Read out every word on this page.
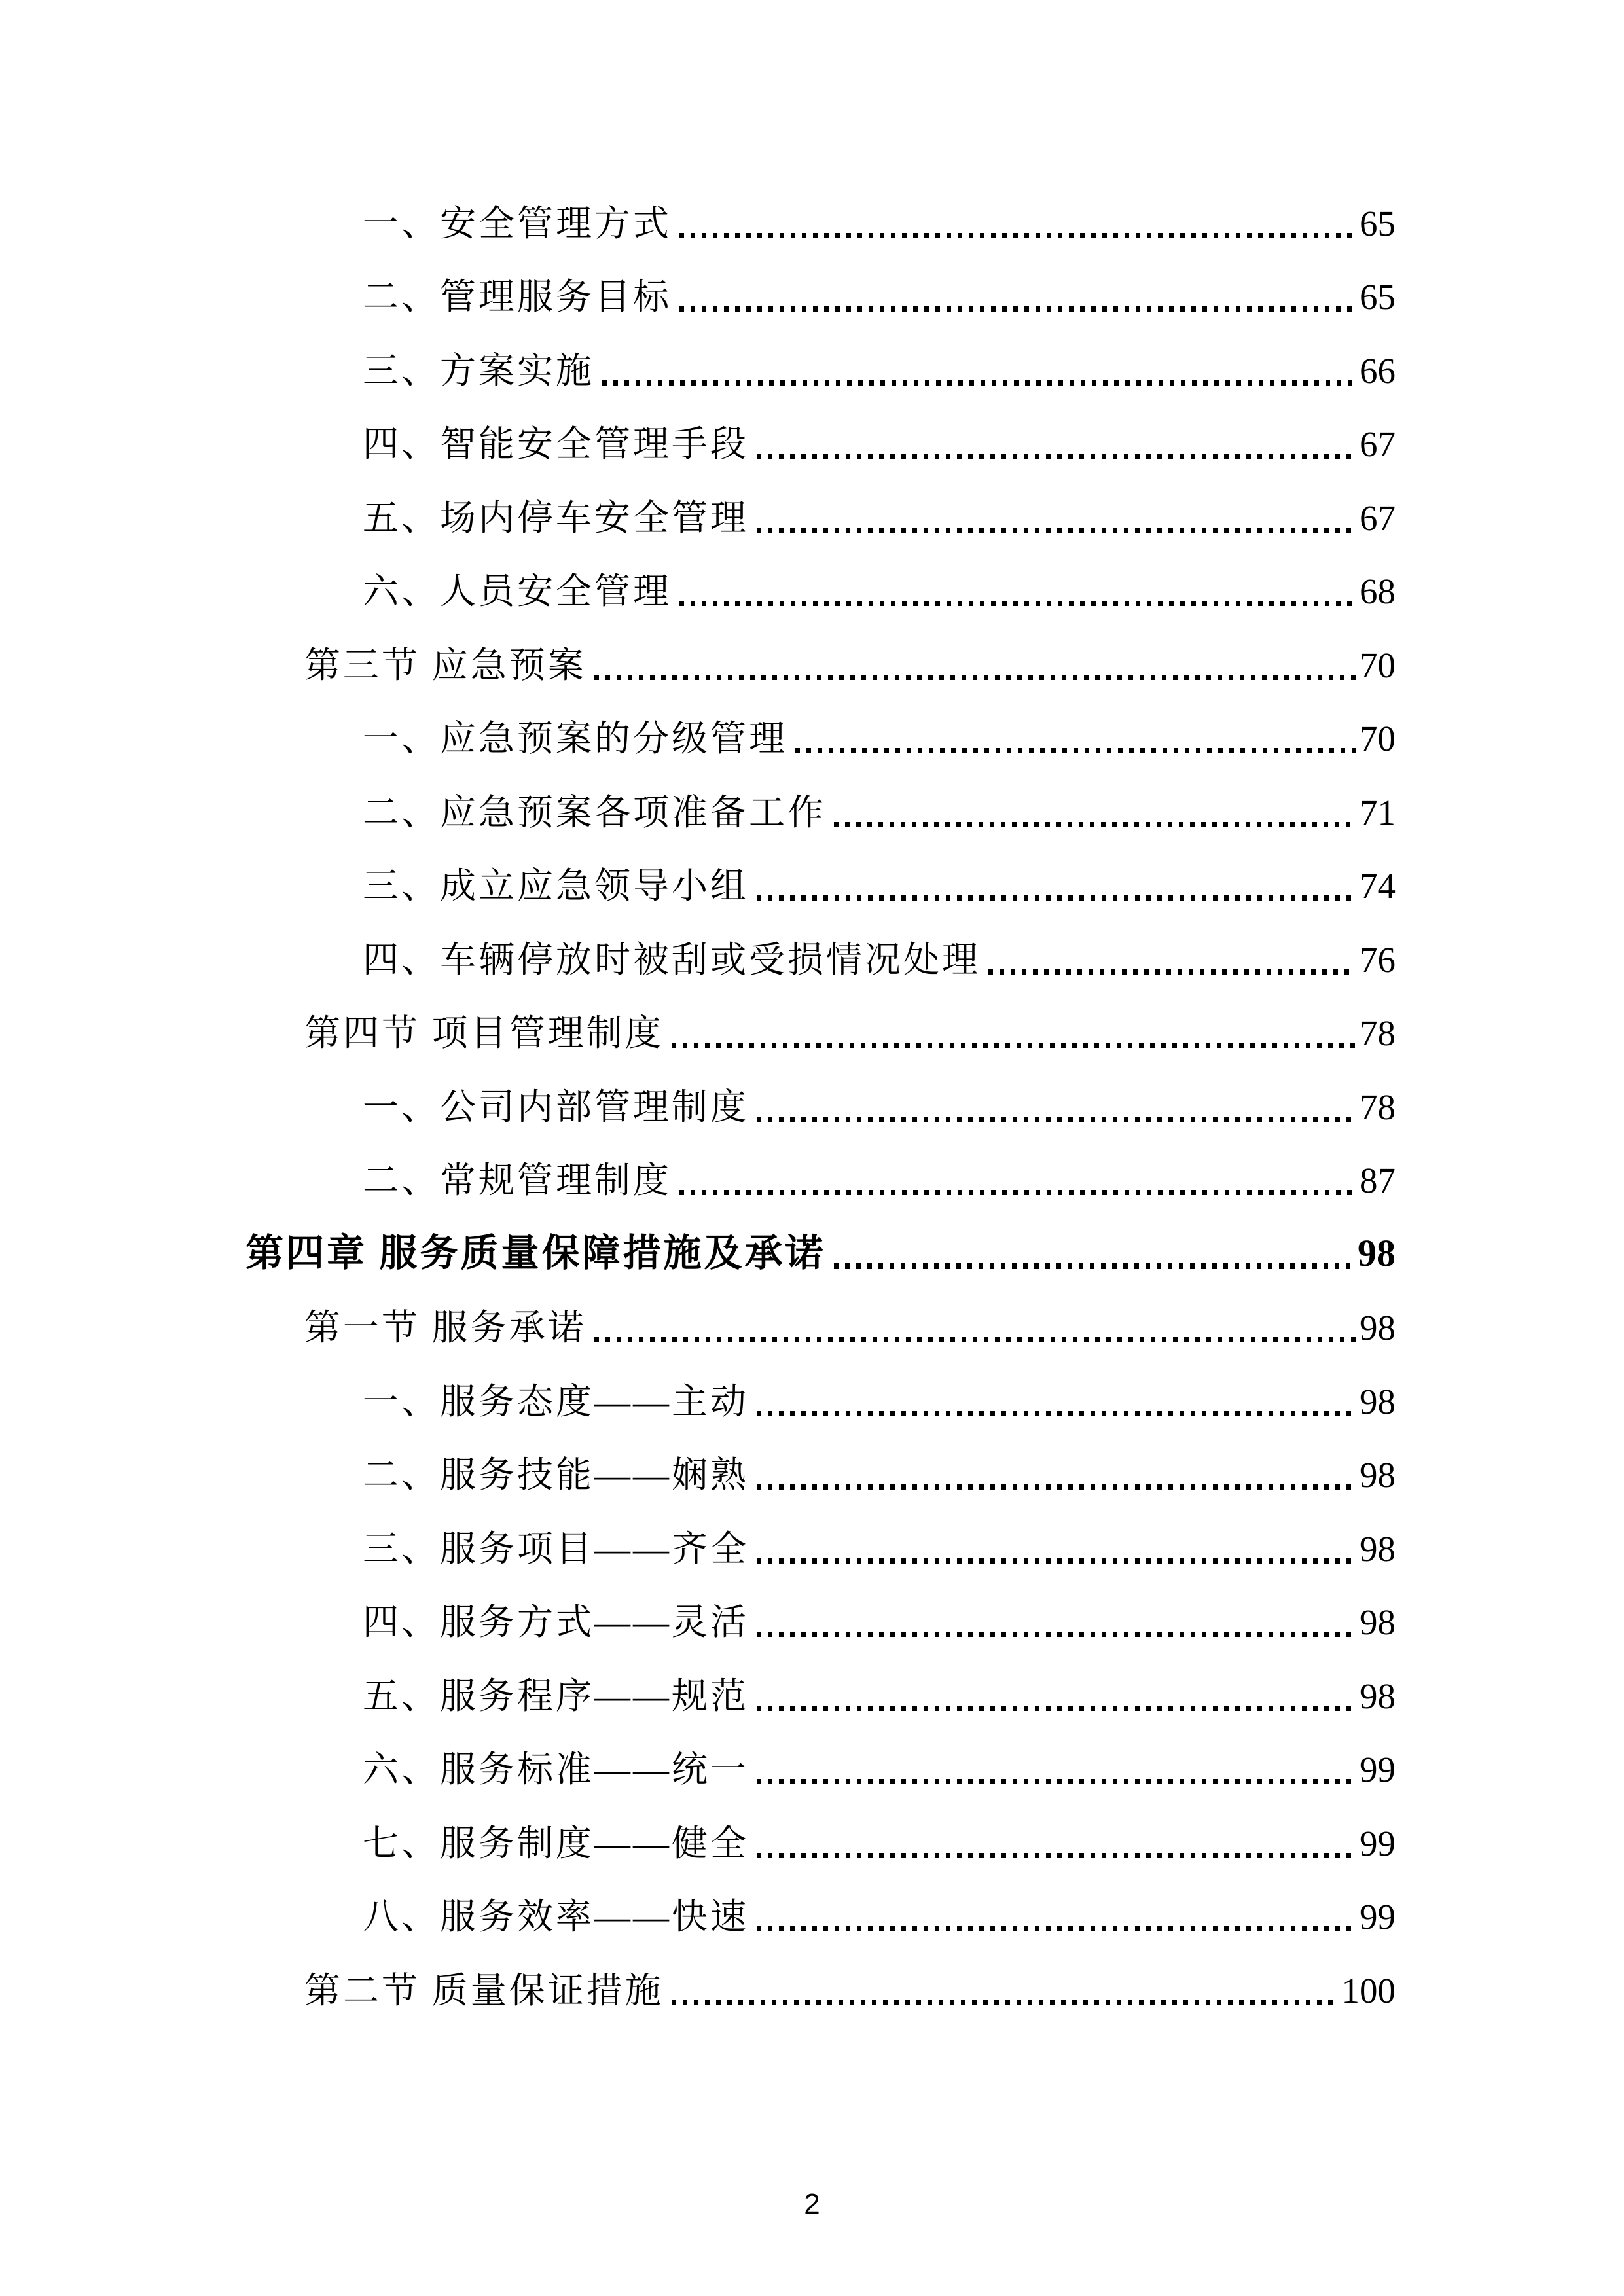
一、安全管理方式	65
二、管理服务目标	65
三、方案实施	66
四、智能安全管理手段	67
五、场内停车安全管理	67
六、人员安全管理	68
第三节 应急预案	70
一、应急预案的分级管理	70
二、应急预案各项准备工作	71
三、成立应急领导小组	74
四、车辆停放时被刮或受损情况处理	76
第四节 项目管理制度	78
一、公司内部管理制度	78
二、常规管理制度	87
第四章 服务质量保障措施及承诺	98
第一节 服务承诺	98
一、服务态度——主动	98
二、服务技能——娴熟	98
三、服务项目——齐全	98
四、服务方式——灵活	98
五、服务程序——规范	98
六、服务标准——统一	99
七、服务制度——健全	99
八、服务效率——快速	99
第二节 质量保证措施	100
2
